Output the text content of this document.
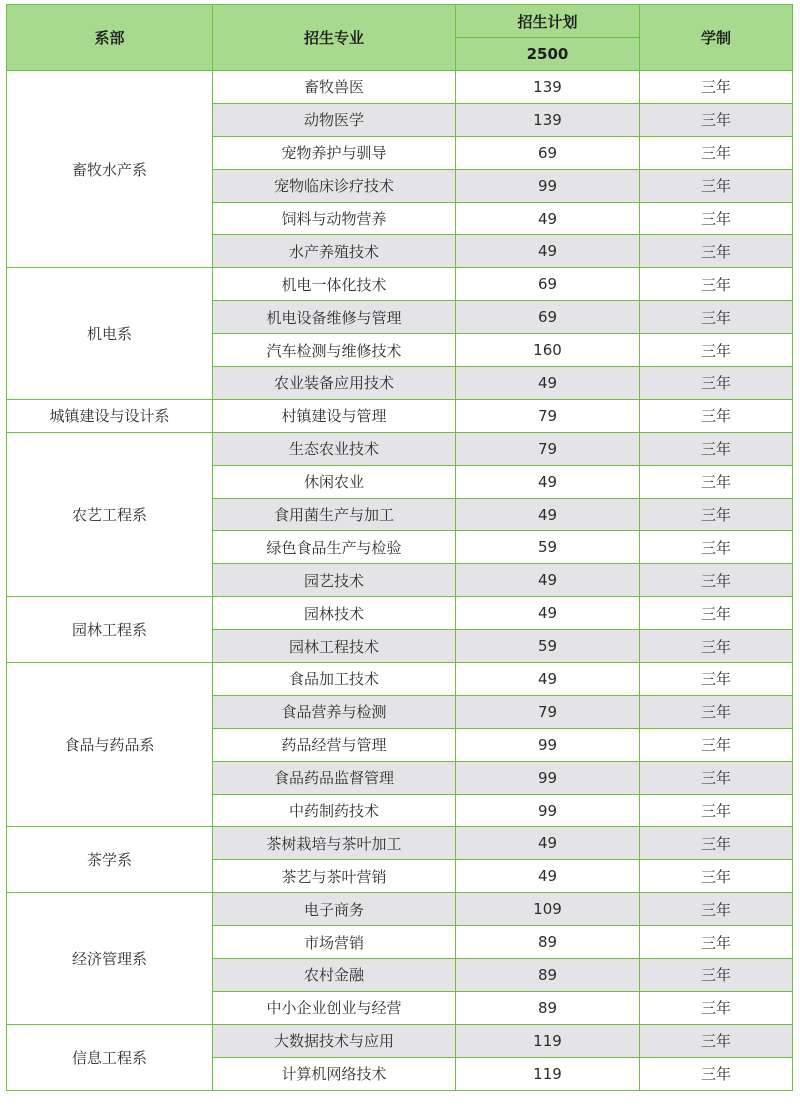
系部	招生专业	招生计划	学制
		2500	
畜牧水产系	畜牧兽医	139	三年
	动物医学	139	三年
	宠物养护与驯导	69	三年
	宠物临床诊疗技术	99	三年
	饲料与动物营养	49	三年
	水产养殖技术	49	三年
机电系	机电一体化技术	69	三年
	机电设备维修与管理	69	三年
	汽车检测与维修技术	160	三年
	农业装备应用技术	49	三年
城镇建设与设计系	村镇建设与管理	79	三年
农艺工程系	生态农业技术	79	三年
	休闲农业	49	三年
	食用菌生产与加工	49	三年
	绿色食品生产与检验	59	三年
	园艺技术	49	三年
园林工程系	园林技术	49	三年
	园林工程技术	59	三年
食品与药品系	食品加工技术	49	三年
	食品营养与检测	79	三年
	药品经营与管理	99	三年
	食品药品监督管理	99	三年
	中药制药技术	99	三年
茶学系	茶树栽培与茶叶加工	49	三年
	茶艺与茶叶营销	49	三年
经济管理系	电子商务	109	三年
	市场营销	89	三年
	农村金融	89	三年
	中小企业创业与经营	89	三年
信息工程系	大数据技术与应用	119	三年
	计算机网络技术	119	三年
